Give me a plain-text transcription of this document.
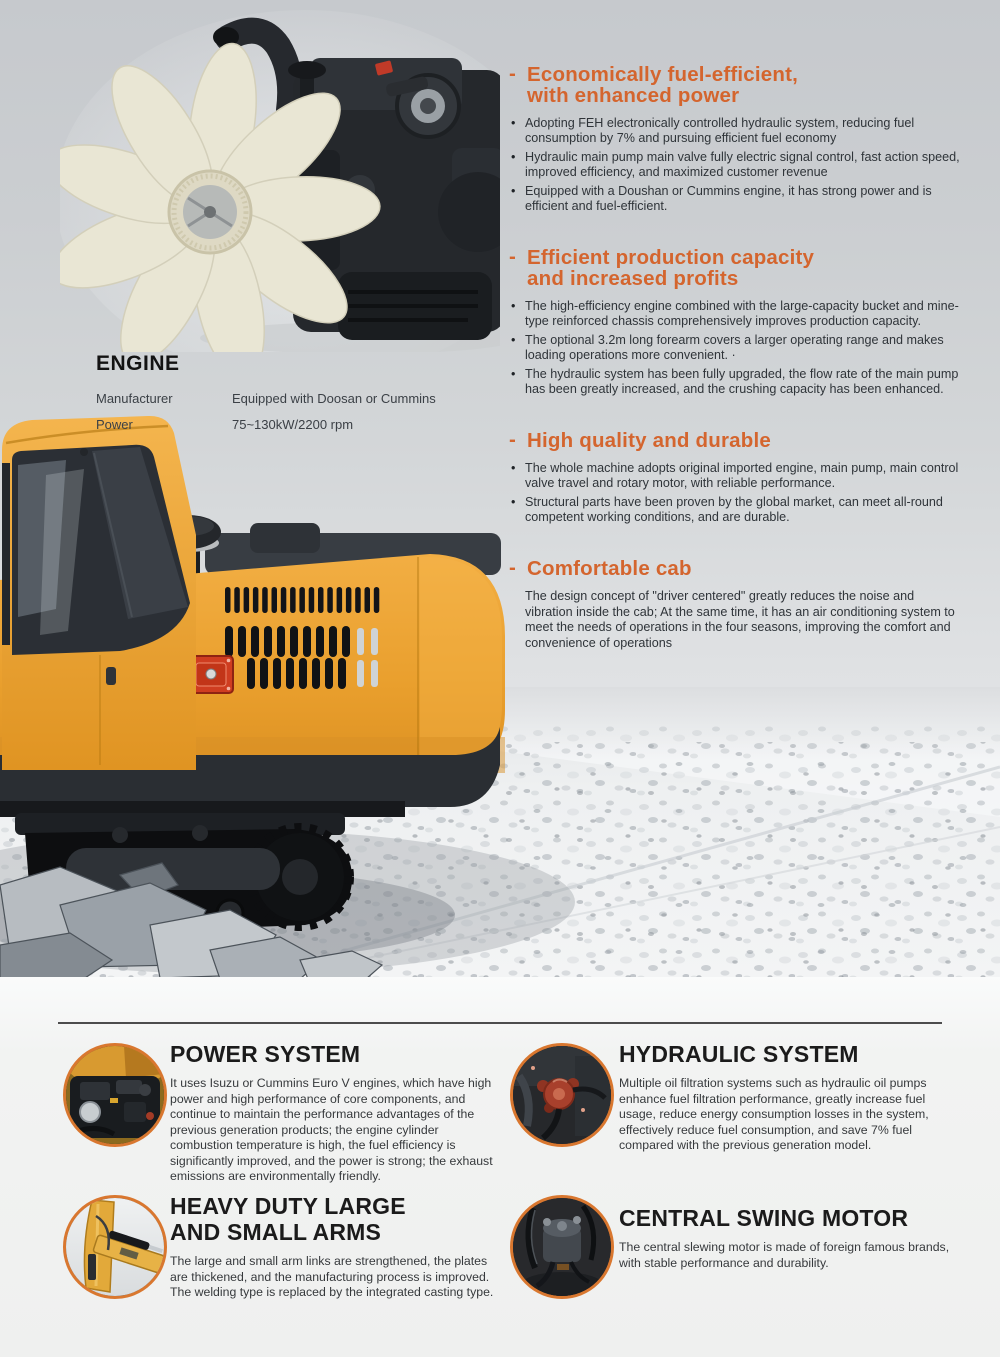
ENGINE
Manufacturer	Equipped with Doosan or Cummins
Power	75~130kW/2200 rpm
- Economically fuel-efficient,
with enhanced power
• Adopting FEH electronically controlled hydraulic system, reducing fuel consumption by 7% and pursuing efficient fuel economy
• Hydraulic main pump main valve fully electric signal control, fast action speed, improved efficiency, and maximized customer revenue
• Equipped with a Doushan or Cummins engine, it has strong power and is efficient and fuel-efficient.
- Efficient production capacity
and increased profits
• The high-efficiency engine combined with the large-capacity bucket and mine-type reinforced chassis comprehensively improves production capacity.
• The optional 3.2m long forearm covers a larger operating range and makes loading operations more convenient. ·
• The hydraulic system has been fully upgraded, the flow rate of the main pump has been greatly increased, and the crushing capacity has been enhanced.
- High quality and durable
• The whole machine adopts original imported engine, main pump, main control valve travel and rotary motor, with reliable performance.
• Structural parts have been proven by the global market, can meet all-round competent working conditions, and are durable.
- Comfortable cab

The design concept of "driver centered" greatly reduces the noise and vibration inside the cab; At the same time, it has an air conditioning system to meet the needs of operations in the four seasons, improving the comfort and convenience of operations

POWER SYSTEM

It uses Isuzu or Cummins Euro V engines, which have high power and high performance of core components, and continue to maintain the performance advantages of the previous generation products; the engine cylinder combustion temperature is high, the fuel efficiency is significantly improved, and the power is strong; the exhaust emissions are environmentally friendly.

HYDRAULIC SYSTEM

Multiple oil filtration systems such as hydraulic oil pumps enhance fuel filtration performance, greatly increase fuel usage, reduce energy consumption losses in the system, effectively reduce fuel consumption, and save 7% fuel compared with the previous generation model.

HEAVY DUTY LARGE
AND SMALL ARMS

The large and small arm links are strengthened, the plates are thickened, and the manufacturing process is improved. The welding type is replaced by the integrated casting type.

CENTRAL SWING MOTOR

The central slewing motor is made of foreign famous brands, with stable performance and durability.
